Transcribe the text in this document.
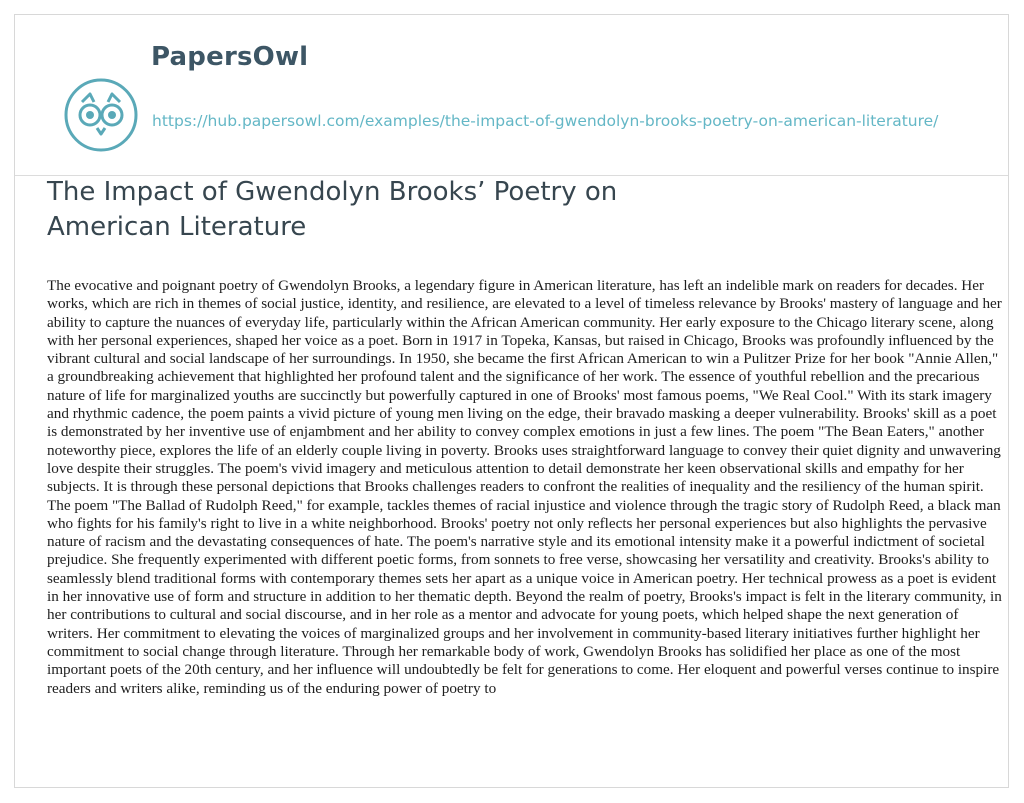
PapersOwl
https://hub.papersowl.com/examples/the-impact-of-gwendolyn-brooks-poetry-on-american-literature/
The Impact of Gwendolyn Brooks’ Poetry on American Literature

The evocative and poignant poetry of Gwendolyn Brooks, a legendary figure in American literature, has left an indelible mark on readers for decades. Her works, which are rich in themes of social justice, identity, and resilience, are elevated to a level of timeless relevance by Brooks' mastery of language and her ability to capture the nuances of everyday life, particularly within the African American community. Her early exposure to the Chicago literary scene, along with her personal experiences, shaped her voice as a poet. Born in 1917 in Topeka, Kansas, but raised in Chicago, Brooks was profoundly influenced by the vibrant cultural and social landscape of her surroundings. In 1950, she became the first African American to win a Pulitzer Prize for her book "Annie Allen," a groundbreaking achievement that highlighted her profound talent and the significance of her work. The essence of youthful rebellion and the precarious nature of life for marginalized youths are succinctly but powerfully captured in one of Brooks' most famous poems, "We Real Cool." With its stark imagery and rhythmic cadence, the poem paints a vivid picture of young men living on the edge, their bravado masking a deeper vulnerability. Brooks' skill as a poet is demonstrated by her inventive use of enjambment and her ability to convey complex emotions in just a few lines. The poem "The Bean Eaters," another noteworthy piece, explores the life of an elderly couple living in poverty. Brooks uses straightforward language to convey their quiet dignity and unwavering love despite their struggles. The poem's vivid imagery and meticulous attention to detail demonstrate her keen observational skills and empathy for her subjects. It is through these personal depictions that Brooks challenges readers to confront the realities of inequality and the resiliency of the human spirit. The poem "The Ballad of Rudolph Reed," for example, tackles themes of racial injustice and violence through the tragic story of Rudolph Reed, a black man who fights for his family's right to live in a white neighborhood. Brooks' poetry not only reflects her personal experiences but also highlights the pervasive nature of racism and the devastating consequences of hate. The poem's narrative style and its emotional intensity make it a powerful indictment of societal prejudice. She frequently experimented with different poetic forms, from sonnets to free verse, showcasing her versatility and creativity. Brooks's ability to seamlessly blend traditional forms with contemporary themes sets her apart as a unique voice in American poetry. Her technical prowess as a poet is evident in her innovative use of form and structure in addition to her thematic depth. Beyond the realm of poetry, Brooks's impact is felt in the literary community, in her contributions to cultural and social discourse, and in her role as a mentor and advocate for young poets, which helped shape the next generation of writers. Her commitment to elevating the voices of marginalized groups and her involvement in community-based literary initiatives further highlight her commitment to social change through literature. Through her remarkable body of work, Gwendolyn Brooks has solidified her place as one of the most important poets of the 20th century, and her influence will undoubtedly be felt for generations to come. Her eloquent and powerful verses continue to inspire readers and writers alike, reminding us of the enduring power of poetry to
